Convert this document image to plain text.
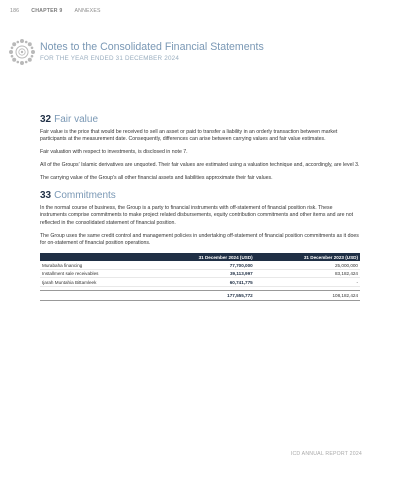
186 CHAPTER 9 ANNEXES
Notes to the Consolidated Financial Statements
FOR THE YEAR ENDED 31 DECEMBER 2024
32 Fair value

Fair value is the price that would be received to sell an asset or paid to transfer a liability in an orderly transaction between market participants at the measurement date. Consequently, differences can arise between carrying values and fair value estimates.

Fair valuation with respect to investments, is disclosed in note 7.

All of the Groups' Islamic derivatives are unquoted. Their fair values are estimated using a valuation technique and, accordingly, are level 3.

The carrying value of the Group's all other financial assets and liabilities approximate their fair values.

33 Commitments

In the normal course of business, the Group is a party to financial instruments with off-statement of financial position risk. These instruments comprise commitments to make project related disbursements, equity contribution commitments and other items and are not reflected in the consolidated statement of financial position.

The Group uses the same credit control and management policies in undertaking off-statement of financial position commitments as it does for on-statement of financial position operations.

	31 December 2024 (USD)	31 December 2023 (USD)
Murabaha financing	77,700,000	25,000,000
Installment sale receivables	39,113,997	83,182,424
Ijarah Muntahia Bittamleek	60,741,775	-

	177,555,772	108,182,424
ICD ANNUAL REPORT 2024
